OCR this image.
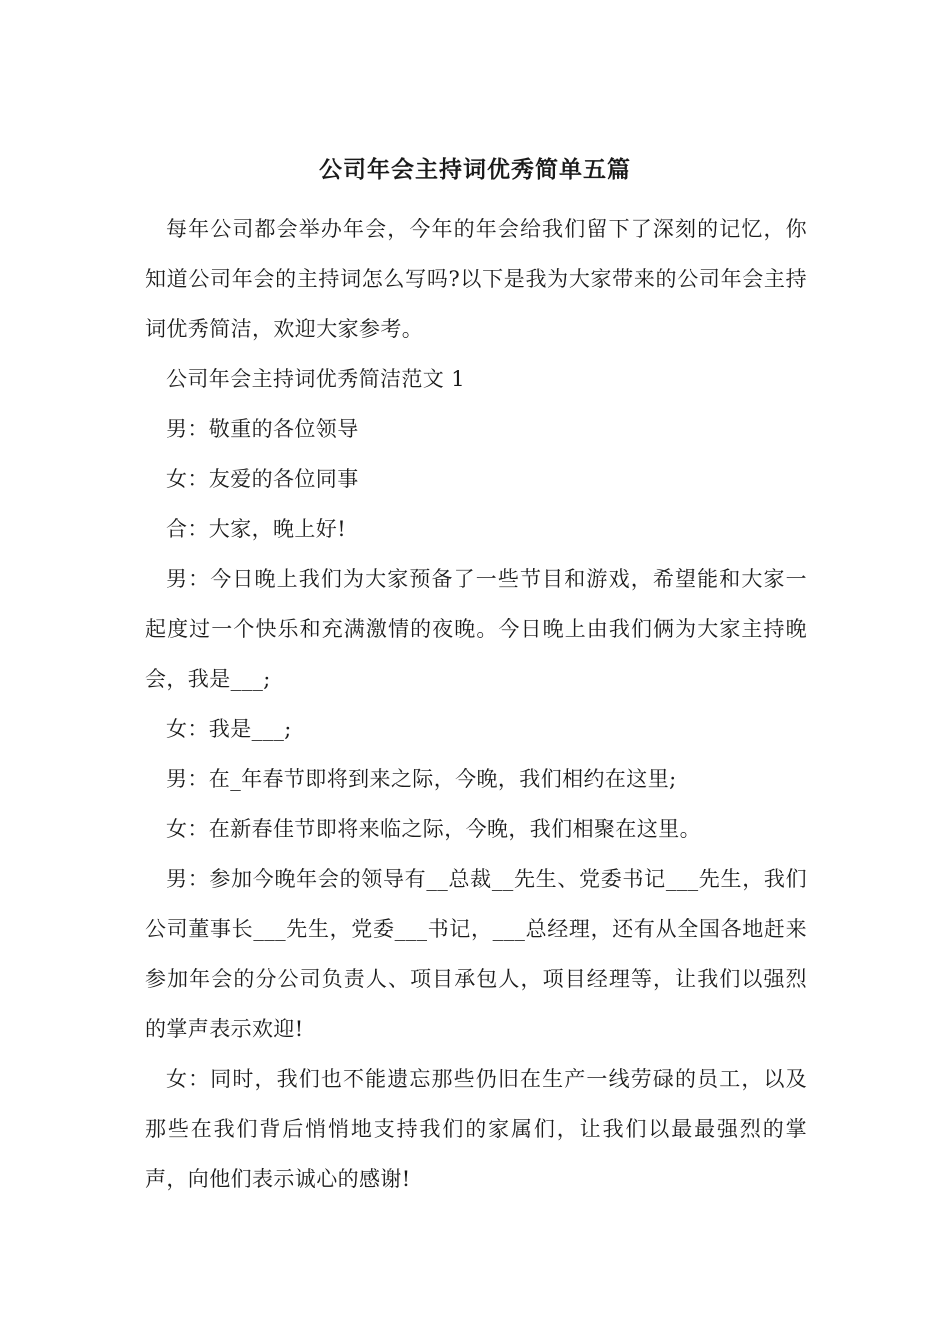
公司年会主持词优秀简单五篇

每年公司都会举办年会，今年的年会给我们留下了深刻的记忆，你知道公司年会的主持词怎么写吗?以下是我为大家带来的公司年会主持词优秀简洁，欢迎大家参考。

公司年会主持词优秀简洁范文 1

男：敬重的各位领导

女：友爱的各位同事

合：大家，晚上好!

男：今日晚上我们为大家预备了一些节目和游戏，希望能和大家一起度过一个快乐和充满激情的夜晚。今日晚上由我们俩为大家主持晚会，我是___;

女：我是___;

男：在_年春节即将到来之际，今晚，我们相约在这里;

女：在新春佳节即将来临之际，今晚，我们相聚在这里。

男：参加今晚年会的领导有__总裁__先生、党委书记___先生，我们公司董事长___先生，党委___书记，___总经理，还有从全国各地赶来参加年会的分公司负责人、项目承包人，项目经理等，让我们以强烈的掌声表示欢迎!

女：同时，我们也不能遗忘那些仍旧在生产一线劳碌的员工，以及那些在我们背后悄悄地支持我们的家属们，让我们以最最强烈的掌声，向他们表示诚心的感谢!
